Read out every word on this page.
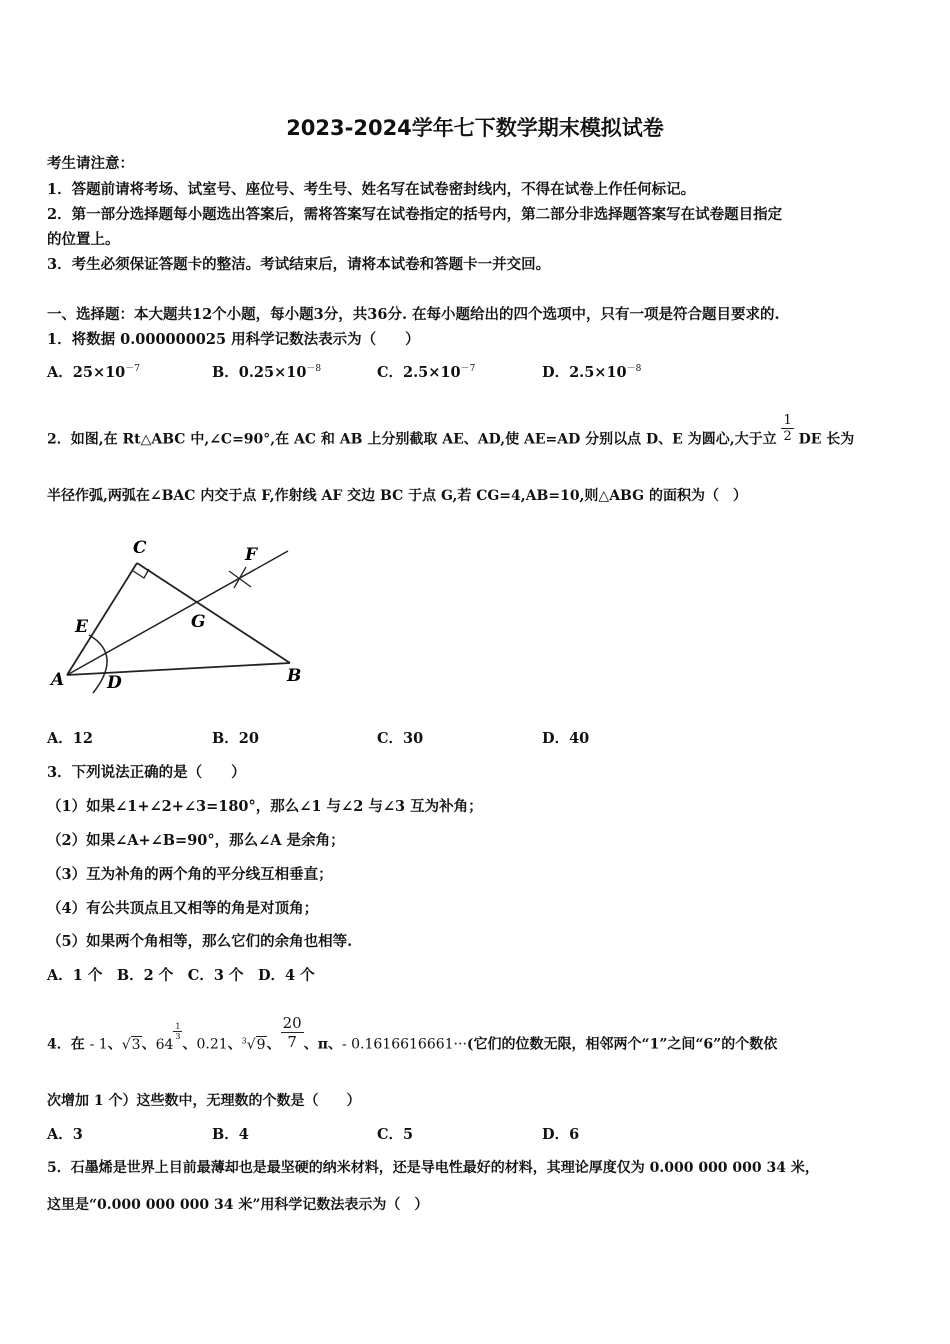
2023-2024学年七下数学期末模拟试卷
考生请注意：
1．答题前请将考场、试室号、座位号、考生号、姓名写在试卷密封线内，不得在试卷上作任何标记。
2．第一部分选择题每小题选出答案后，需将答案写在试卷指定的括号内，第二部分非选择题答案写在试卷题目指定
的位置上。
3．考生必须保证答题卡的整洁。考试结束后，请将本试卷和答题卡一并交回。
一、选择题：本大题共12个小题，每小题3分，共36分. 在每小题给出的四个选项中，只有一项是符合题目要求的.
1．将数据 0.000000025 用科学记数法表示为（　　）
A．$25\times 10^{-7}$	B．$0.25\times 10^{-8}$	C．$2.5\times 10^{-7}$	D．$2.5\times 10^{-8}$
2．如图,在 Rt△ABC 中,∠C=90°,在 AC 和 AB 上分别截取 AE、AD,使 AE=AD 分别以点 D、E 为圆心,大于立 $\frac{1}{2}$ DE 长为
半径作弧,两弧在∠BAC 内交于点 F,作射线 AF 交边 BC 于点 G,若 CG=4,AB=10,则△ABG 的面积为（　）
C	F
E	G
A	D	B
A．12	B．20	C．30	D．40
3．下列说法正确的是（　　）
（1）如果∠1+∠2+∠3=180°，那么∠1 与∠2 与∠3 互为补角；
（2）如果∠A+∠B=90°，那么∠A 是余角；
（3）互为补角的两个角的平分线互相垂直；
（4）有公共顶点且又相等的角是对顶角；
（5）如果两个角相等，那么它们的余角也相等.
A．1 个　B．2 个　C．3 个　D．4 个
4．在 - 1、√3、64
$\frac{1}{3}$
、0.21、$^3$√9、 $\frac{20}{7}$ 、π、- 0.1616616661···(它们的位数无限，相邻两个“1”之间“6”的个数依
次增加 1 个）这些数中，无理数的个数是（　　）
A．3	B．4	C．5	D．6
5．石墨烯是世界上目前最薄却也是最坚硬的纳米材料，还是导电性最好的材料，其理论厚度仅为 0.000 000 000 34 米，
这里是“0.000 000 000 34 米”用科学记数法表示为（　）
